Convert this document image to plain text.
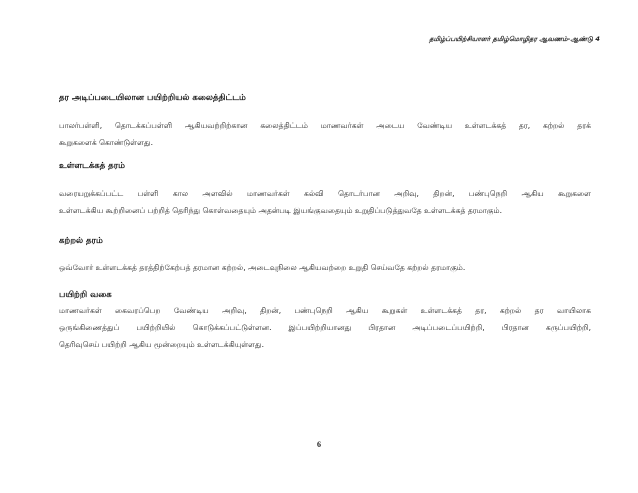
தமிழ்ப்பயிற்சியாளர் தமிழ்மொழிதர ஆவணம்-ஆண்டு 4
தர அடிப்படையிலான பயிற்றியல் கலைத்திட்டம்
பாலர்பள்ளி, தொடக்கப்பள்ளி ஆகியவற்றிற்கான கலைத்திட்டம் மாணவர்கள் அடைய வேண்டிய உள்ளடக்கத் தர, கற்றல் தரக்
கூறுகளைக் கொண்டுள்ளது.
உள்ளடக்கத் தரம்
வரையறுக்கப்பட்ட பள்ளி கால அளவில் மாணவர்கள் கல்வி தொடர்பான அறிவு, திறன், பண்புநெறி ஆகிய கூறுகளை
உள்ளடக்கிய கூற்றினைப் பற்றித் தெரிந்து கொள்வதையும் அதன்படி இயங்குவதையும் உறுதிப்படுத்துவதே உள்ளடக்கத் தரமாகும்.
கற்றல் தரம்
ஒவ்வோர் உள்ளடக்கத் தரத்திற்கேற்பத் தரமான கற்றல், அடைவுநிலை ஆகியவற்றை உறுதி செய்வதே கற்றல் தரமாகும்.
பயிற்றி வகை
மாணவர்கள் கைவரப்பெற வேண்டிய அறிவு, திறன், பண்புநெறி ஆகிய கூறுகள் உள்ளடக்கத் தர, கற்றல் தர வாயிலாக
ஒருங்கிணைத்துப் பயிற்றியில் கொடுக்கப்பட்டுள்ளன. இப்பயிற்றியானது பிரதான அடிப்படைப்பயிற்றி, பிரதான கருப்பயிற்றி,
தெரிவுசெய் பயிற்றி ஆகிய மூன்றையும் உள்ளடக்கியுள்ளது.
6
